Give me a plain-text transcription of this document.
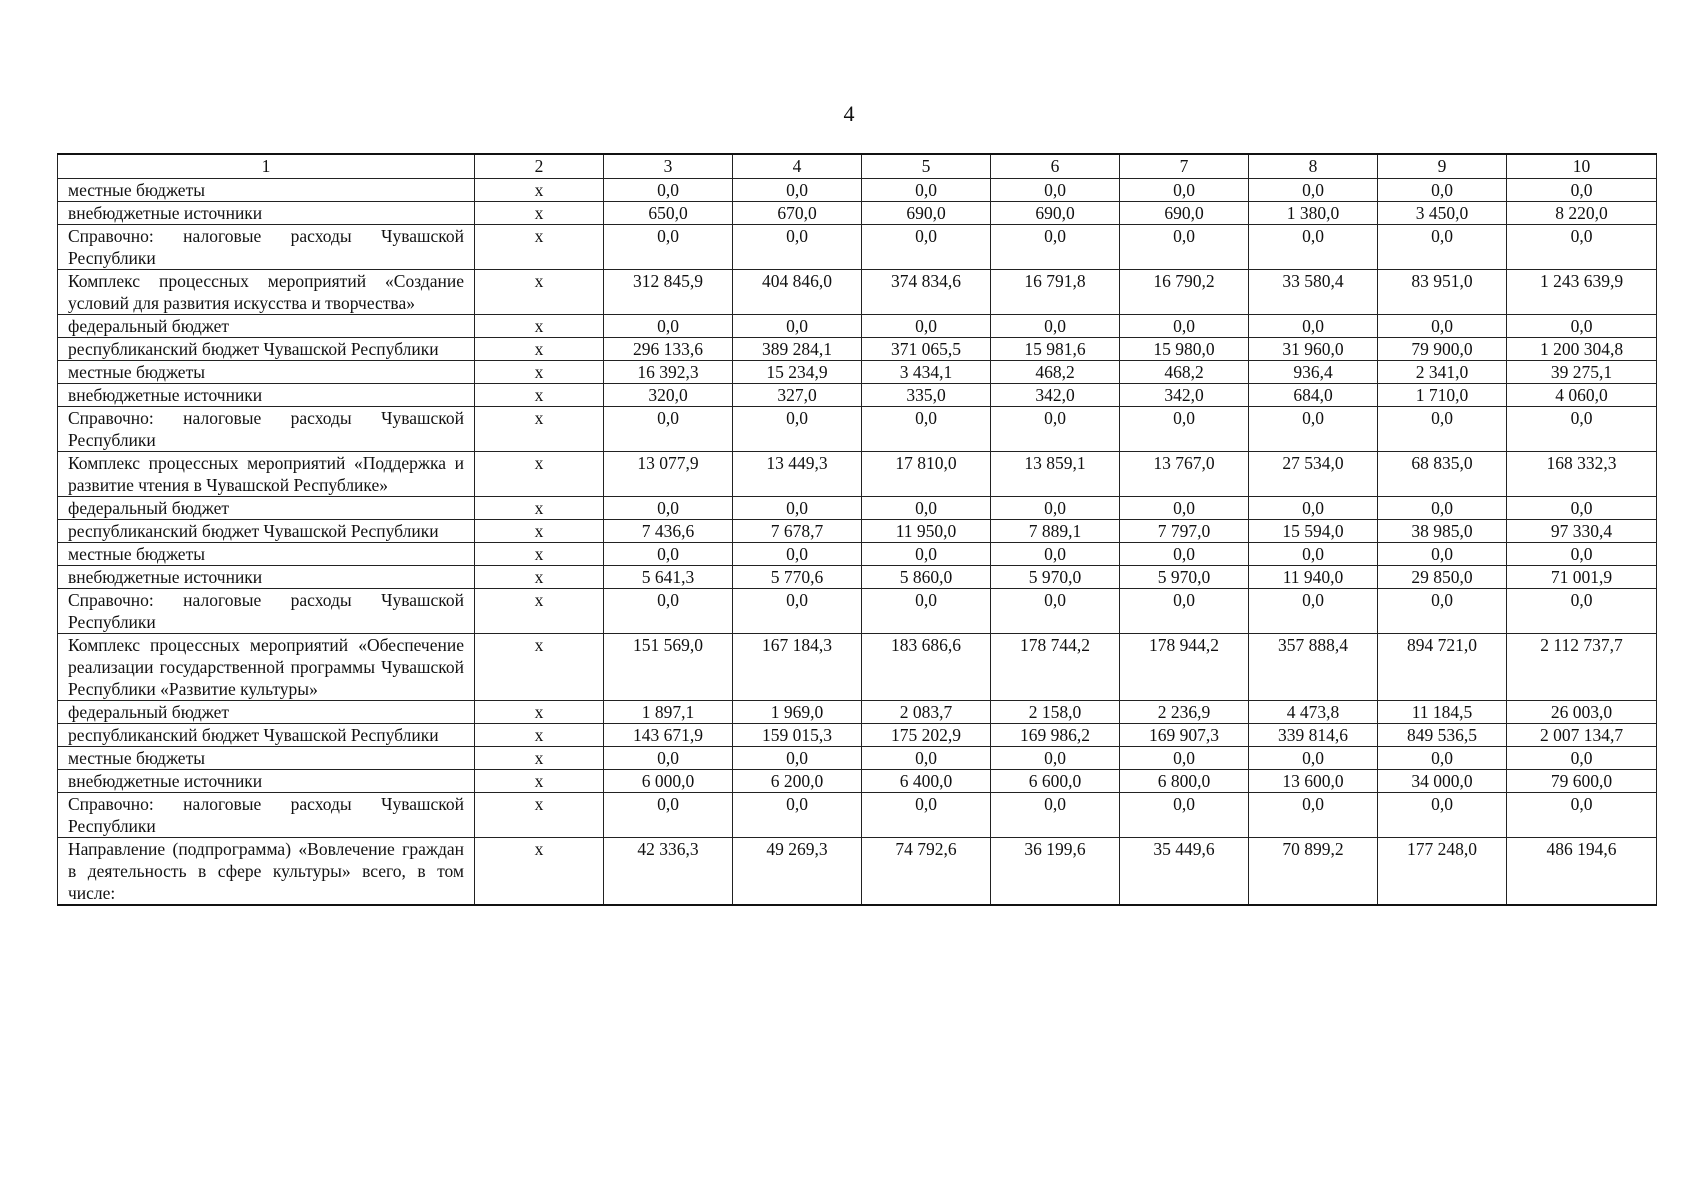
4
1	2	3	4	5	6	7	8	9	10
местные бюджеты	х	0,0	0,0	0,0	0,0	0,0	0,0	0,0	0,0
внебюджетные источники	х	650,0	670,0	690,0	690,0	690,0	1 380,0	3 450,0	8 220,0
Справочно: налоговые расходы Чувашской Республики	х	0,0	0,0	0,0	0,0	0,0	0,0	0,0	0,0
Комплекс процессных мероприятий «Создание условий для развития искусства и творчества»	х	312 845,9	404 846,0	374 834,6	16 791,8	16 790,2	33 580,4	83 951,0	1 243 639,9
федеральный бюджет	х	0,0	0,0	0,0	0,0	0,0	0,0	0,0	0,0
республиканский бюджет Чувашской Республики	х	296 133,6	389 284,1	371 065,5	15 981,6	15 980,0	31 960,0	79 900,0	1 200 304,8
местные бюджеты	х	16 392,3	15 234,9	3 434,1	468,2	468,2	936,4	2 341,0	39 275,1
внебюджетные источники	х	320,0	327,0	335,0	342,0	342,0	684,0	1 710,0	4 060,0
Справочно: налоговые расходы Чувашской Республики	х	0,0	0,0	0,0	0,0	0,0	0,0	0,0	0,0
Комплекс процессных мероприятий «Поддержка и развитие чтения в Чувашской Республике»	х	13 077,9	13 449,3	17 810,0	13 859,1	13 767,0	27 534,0	68 835,0	168 332,3
федеральный бюджет	х	0,0	0,0	0,0	0,0	0,0	0,0	0,0	0,0
республиканский бюджет Чувашской Республики	х	7 436,6	7 678,7	11 950,0	7 889,1	7 797,0	15 594,0	38 985,0	97 330,4
местные бюджеты	х	0,0	0,0	0,0	0,0	0,0	0,0	0,0	0,0
внебюджетные источники	х	5 641,3	5 770,6	5 860,0	5 970,0	5 970,0	11 940,0	29 850,0	71 001,9
Справочно: налоговые расходы Чувашской Республики	х	0,0	0,0	0,0	0,0	0,0	0,0	0,0	0,0
Комплекс процессных мероприятий «Обеспечение реализации государственной программы Чувашской Республики «Развитие культуры»	х	151 569,0	167 184,3	183 686,6	178 744,2	178 944,2	357 888,4	894 721,0	2 112 737,7
федеральный бюджет	х	1 897,1	1 969,0	2 083,7	2 158,0	2 236,9	4 473,8	11 184,5	26 003,0
республиканский бюджет Чувашской Республики	х	143 671,9	159 015,3	175 202,9	169 986,2	169 907,3	339 814,6	849 536,5	2 007 134,7
местные бюджеты	х	0,0	0,0	0,0	0,0	0,0	0,0	0,0	0,0
внебюджетные источники	х	6 000,0	6 200,0	6 400,0	6 600,0	6 800,0	13 600,0	34 000,0	79 600,0
Справочно: налоговые расходы Чувашской Республики	х	0,0	0,0	0,0	0,0	0,0	0,0	0,0	0,0
Направление (подпрограмма) «Вовлечение граждан в деятельность в сфере культуры» всего, в том числе:	х	42 336,3	49 269,3	74 792,6	36 199,6	35 449,6	70 899,2	177 248,0	486 194,6
